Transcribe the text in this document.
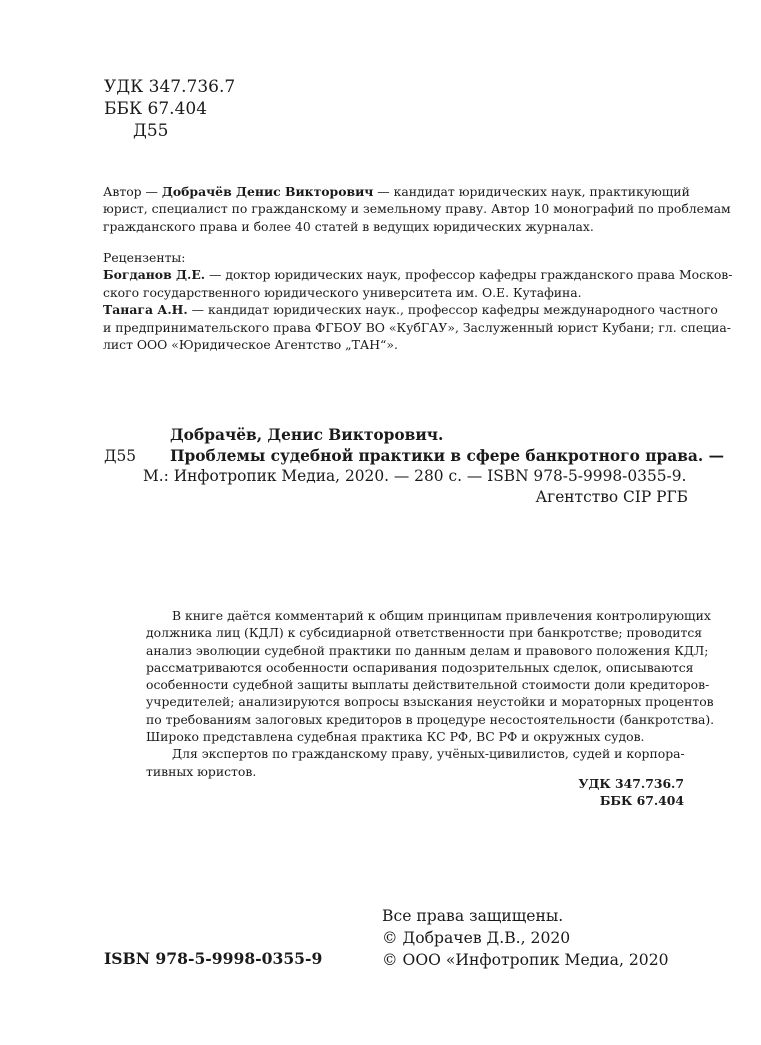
УДК 347.736.7
ББК 67.404
Д55

Автор — Добрачёв Денис Викторович — кандидат юридических наук, практикующий

юрист, специалист по гражданскому и земельному праву. Автор 10 монографий по проблемам

гражданского права и более 40 статей в ведущих юридических журналах.

Рецензенты:

Богданов Д.Е. — доктор юридических наук, профессор кафедры гражданского права Москов-

ского государственного юридического университета им. О.Е. Кутафина.

Танага А.Н. — кандидат юридических наук., профессор кафедры международного частного

и предпринимательского права ФГБОУ ВО «КубГАУ», Заслуженный юрист Кубани; гл. специа-

лист ООО «Юридическое Агентство „ТАН“».

Добрачёв, Денис Викторович.
Д55 Проблемы судебной практики в сфере банкротного права. —
М.: Инфотропик Медиа, 2020. — 280 с. — ISBN 978-5-9998-0355-9.
Агентство CIP РГБ

В книге даётся комментарий к общим принципам привлечения контролирующих

должника лиц (КДЛ) к субсидиарной ответственности при банкротстве; проводится

анализ эволюции судебной практики по данным делам и правового положения КДЛ;

рассматриваются особенности оспаривания подозрительных сделок, описываются

особенности судебной защиты выплаты действительной стоимости доли кредиторов-

учредителей; анализируются вопросы взыскания неустойки и мораторных процентов

по требованиям залоговых кредиторов в процедуре несостоятельности (банкротства).

Широко представлена судебная практика КС РФ, ВС РФ и окружных судов.

Для экспертов по гражданскому праву, учёных-цивилистов, судей и корпора-

тивных юристов.

УДК 347.736.7
ББК 67.404
Все права защищены.
© Добрачев Д.В., 2020
© ООО «Инфотропик Медиа, 2020
ISBN 978-5-9998-0355-9
